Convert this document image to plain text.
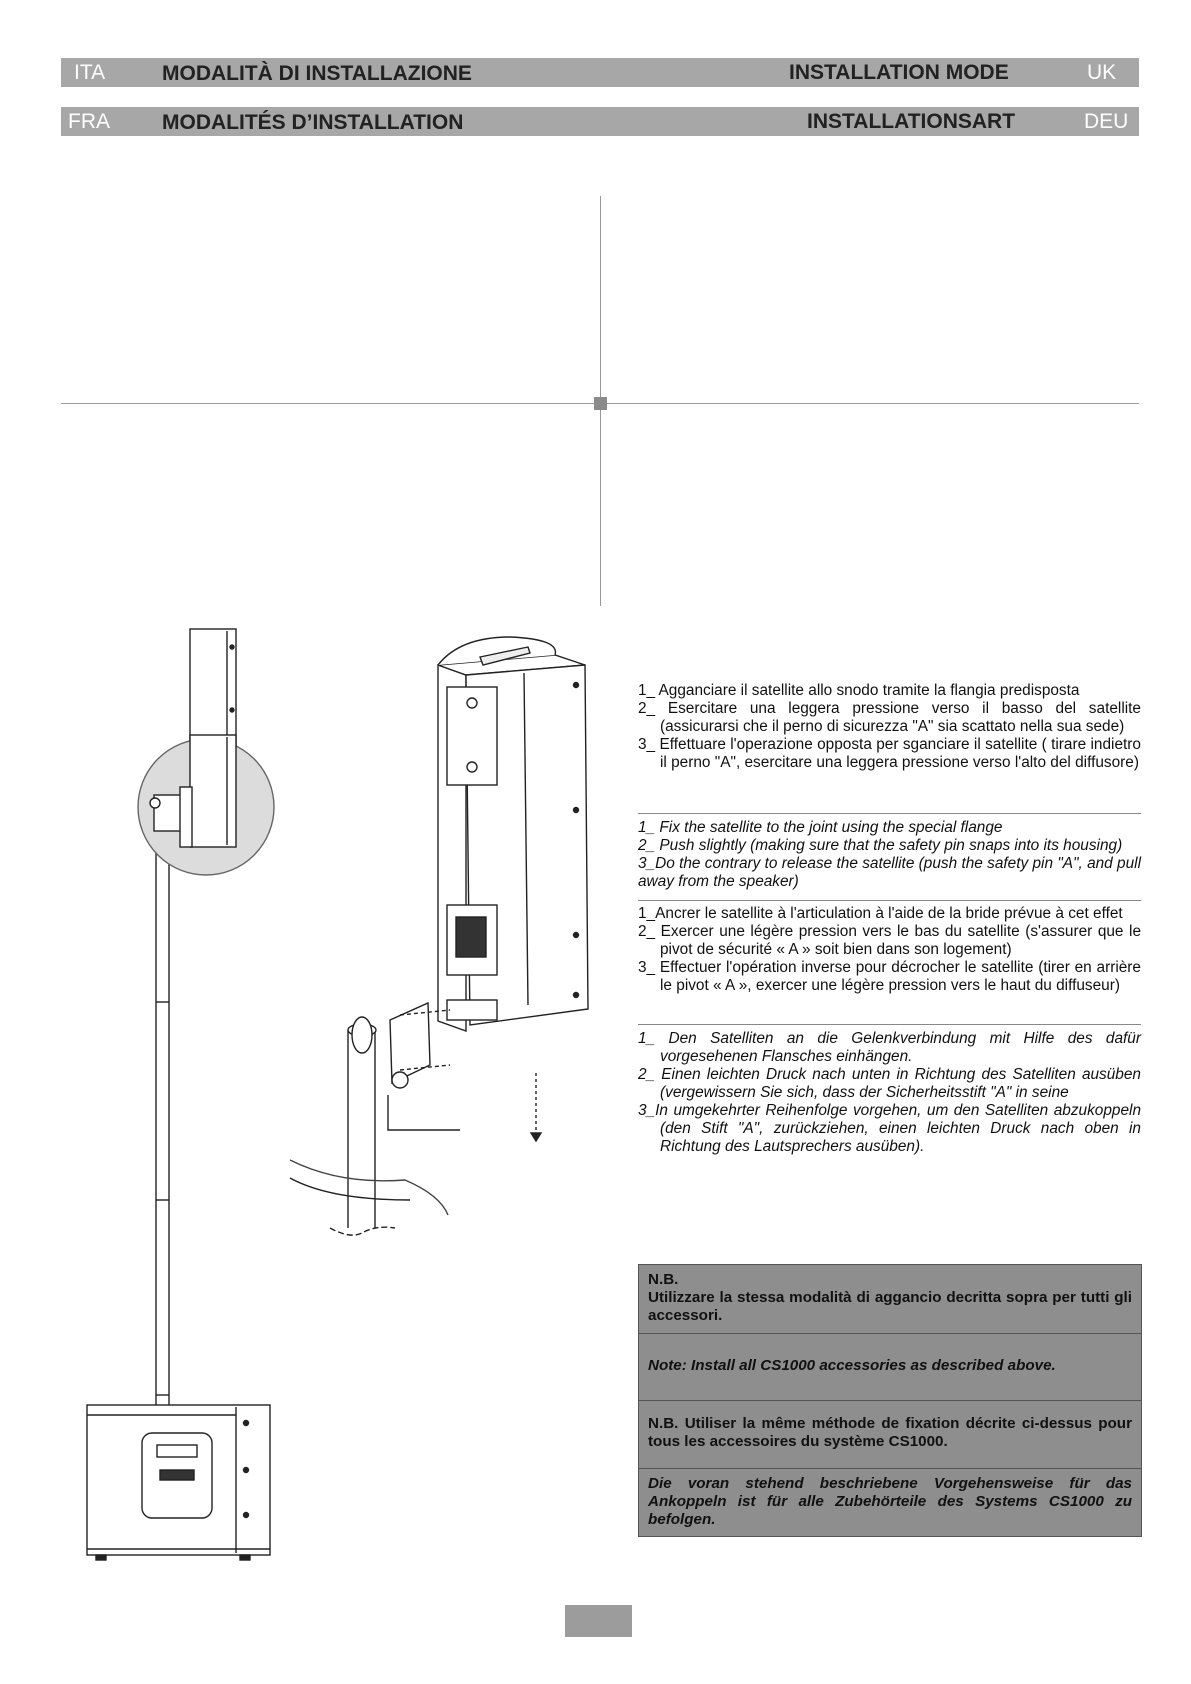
ITA	MODALITÀ DI INSTALLAZIONE	INSTALLATION MODE	UK
FRA MODALITÉS D’INSTALLATION	INSTALLATIONSART	DEU
1_ Agganciare il satellite allo snodo tramite la flangia predisposta
2_ Esercitare una leggera pressione verso il basso del satellite (assicurarsi che il perno di sicurezza "A" sia scattato nella sua sede)
3_ Effettuare l'operazione opposta per sganciare il satellite ( tirare indietro il perno "A", esercitare una leggera pressione verso l'alto del diffusore)
1_ Fix the satellite to the joint using the special flange
2_ Push slightly (making sure that the safety pin snaps into its housing)
3_Do the contrary to release the satellite (push the safety pin "A", and pull away from the speaker)
1_Ancrer le satellite à l'articulation à l'aide de la bride prévue à cet effet
2_ Exercer une légère pression vers le bas du satellite (s'assurer que le pivot de sécurité « A » soit bien dans son logement)
3_ Effectuer l'opération inverse pour décrocher le satellite (tirer en arrière le pivot « A », exercer une légère pression vers le haut du diffuseur)
1_ Den Satelliten an die Gelenkverbindung mit Hilfe des dafür vorgesehenen Flansches einhängen.
2_ Einen leichten Druck nach unten in Richtung des Satelliten ausüben (vergewissern Sie sich, dass der Sicherheitsstift "A" in seine
3_In umgekehrter Reihenfolge vorgehen, um den Satelliten abzukoppeln (den Stift "A", zurückziehen, einen leichten Druck nach oben in Richtung des Lautsprechers ausüben).
N.B.
Utilizzare la stessa modalità di aggancio decritta sopra per tutti gli accessori.
Note: Install all CS1000 accessories as described above.
N.B. Utiliser la même méthode de fixation décrite ci-dessus pour tous les accessoires du système CS1000.
Die voran stehend beschriebene Vorgehensweise für das Ankoppeln ist für alle Zubehörteile des Systems CS1000 zu befolgen.
